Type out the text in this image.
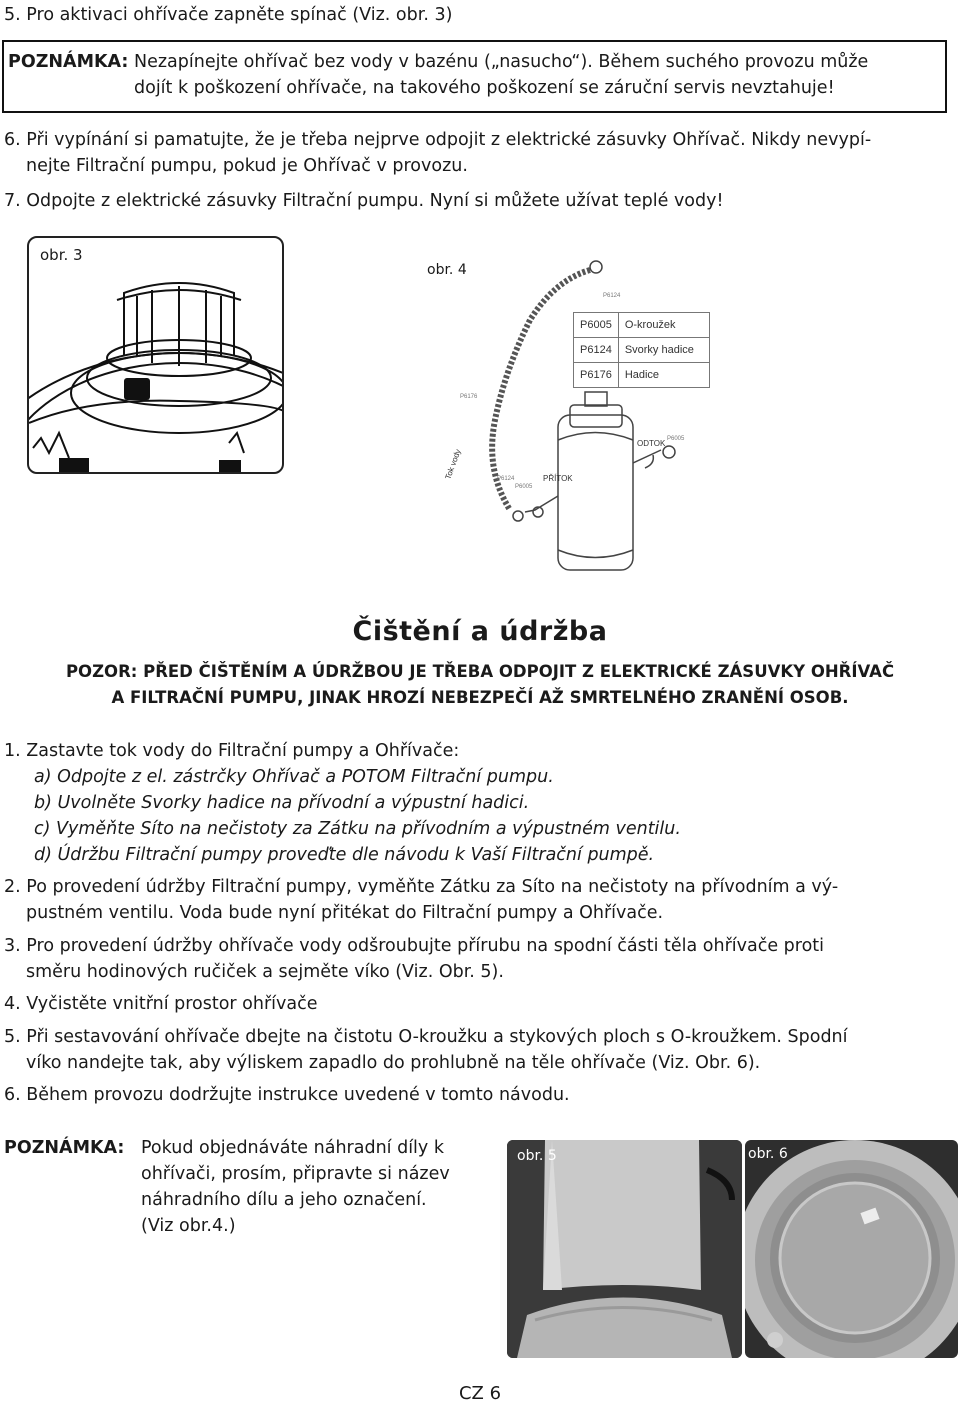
5. Pro aktivaci ohřívače zapněte spínač (Viz. obr. 3)
POZNÁMKA: Nezapínejte ohřívač bez vody v bazénu („nasucho“). Během suchého provozu může
dojít k poškození ohřívače, na takového poškození se záruční servis nevztahuje!
6. Při vypínání si pamatujte, že je třeba nejprve odpojit z elektrické zásuvky Ohřívač. Nikdy nevypí-
nejte Filtrační pumpu, pokud je Ohřívač v provozu.
7. Odpojte z elektrické zásuvky Filtrační pumpu. Nyní si můžete užívat teplé vody!
obr. 3
obr. 4
P6124
P6176
P6005
P6124
P6005
ODTOK
PŘÍTOK
Tok vody
P6005	O-kroužek
P6124	Svorky hadice
P6176	Hadice
Čištění a údržba
POZOR: PŘED ČIŠTĚNÍM A ÚDRŽBOU JE TŘEBA ODPOJIT Z ELEKTRICKÉ ZÁSUVKY OHŘÍVAČ
A FILTRAČNÍ PUMPU, JINAK HROZÍ NEBEZPEČÍ AŽ SMRTELNÉHO ZRANĚNÍ OSOB.
1. Zastavte tok vody do Filtrační pumpy a Ohřívače:
a) Odpojte z el. zástrčky Ohřívač a POTOM Filtrační pumpu.
b) Uvolněte Svorky hadice na přívodní a výpustní hadici.
c) Vyměňte Síto na nečistoty za Zátku na přívodním a výpustném ventilu.
d) Údržbu Filtrační pumpy proveďte dle návodu k Vaší Filtrační pumpě.
2. Po provedení údržby Filtrační pumpy, vyměňte Zátku za Síto na nečistoty na přívodním a vý-
pustném ventilu. Voda bude nyní přitékat do Filtrační pumpy a Ohřívače.
3. Pro provedení údržby ohřívače vody odšroubujte přírubu na spodní části těla ohřívače proti
směru hodinových ručiček a sejměte víko (Viz. Obr. 5).
4. Vyčistěte vnitřní prostor ohřívače
5. Při sestavování ohřívače dbejte na čistotu O-kroužku a stykových ploch s O-kroužkem. Spodní
víko nandejte tak, aby výliskem zapadlo do prohlubně na těle ohřívače (Viz. Obr. 6).
6. Během provozu dodržujte instrukce uvedené v tomto návodu.
POZNÁMKA: Pokud objednáváte náhradní díly k
ohřívači, prosím, připravte si název
náhradního dílu a jeho označení.
(Viz obr.4.)
obr. 5	obr. 6
CZ 6
